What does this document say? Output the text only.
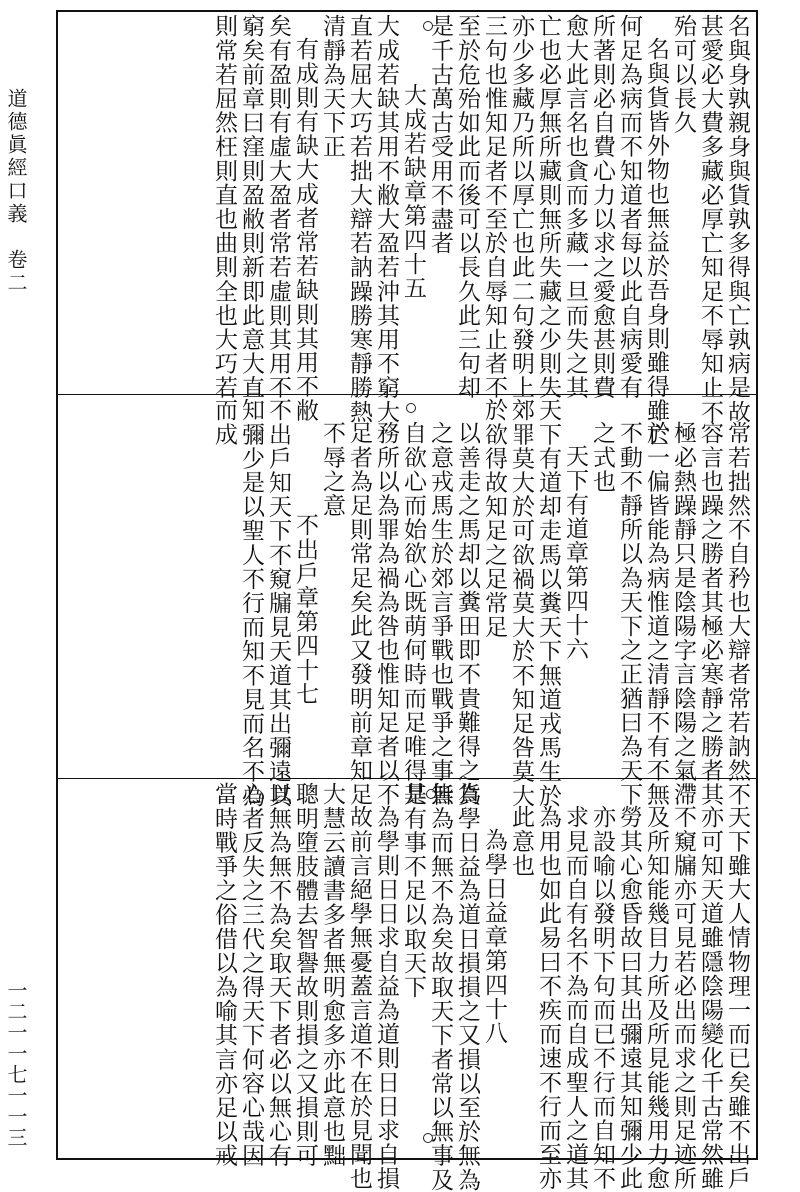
道德眞經口義　卷二
一二一一七一一三
名與身孰親身與貨孰多得與亡孰病是故甚愛必大費多藏必厚亡知足不辱知止不殆可以長久名與貨皆外物也無益於吾身則雖得雖亡何足為病而不知道者每以此自病愛有所著則必自費心力以求之愛愈甚則費愈大此言名也貪而多藏一旦而失之其亡也必厚無所藏則無所失藏之少則失亦少多藏乃所以厚亡也此二句發明上三句也惟知足者不至於自辱知止者不至於危殆如此而後可以長久此三句却是千古萬古受用不盡者大成若缺章第四十五大成若缺其用不敝大盈若沖其用不窮大直若屈大巧若拙大辯若訥躁勝寒靜勝熱清靜為天下正有成則有缺大成者常若缺則其用不敝矣有盈則有虛大盈者常若虛則其用不窮矣前章曰窪則盈敝則新即此意大直則常若屈然枉則直也曲則全也大巧若
常若拙然不自矜也大辯者常若訥然不容言也躁之勝者其極必寒靜之勝者其極必熱躁靜只是陰陽字言陰陽之氣滯於一偏皆能為病惟道之清靜不有不無不動不靜所以為天下之正猶曰為天下之式也天下有道章第四十六天下有道却走馬以糞天下無道戎馬生於郊罪莫大於可欲禍莫大於不知足咎莫大於欲得故知足之足常足以善走之馬却以糞田即不貴難得之貨之意戎馬生於郊言爭戰也戰爭之事皆自欲心而始欲心既萌何時而足唯得是務所以為罪為禍為咎也惟知足者以不足者為足則常足矣此又發明前章知足不辱之意不出戶章第四十七不出戶知天下不窺牖見天道其出彌遠其知彌少是以聖人不行而知不見而名不為而成
天下雖大人情物理一而已矣雖不出戶亦可知天道雖隱陰陽變化千古常然雖不窺牖亦可見若必出而求之則足迹所及所知能幾目力所及所見能幾用力愈勞其心愈昏故曰其出彌遠其知彌少此亦設喻以發明下句而已不行而自知不求見而自有名不為而自成聖人之道其為用也如此易曰不疾而速不行而至亦此意也為學日益章第四十八為學日益為道日損損之又損以至於無為無為而無不為矣故取天下者常以無事及其有事不足以取天下為學則日日求自益為道則日日求自損故前言絕學無憂蓋言道不在於見聞也大慧云讀書多者無明愈多亦此意也黜聰明墮肢體去智譽故則損之又損則可以無為無不為矣取天下者必以無心有心者反失之三代之得天下何容心哉因當時戰爭之俗借以為喻其言亦足以戒
